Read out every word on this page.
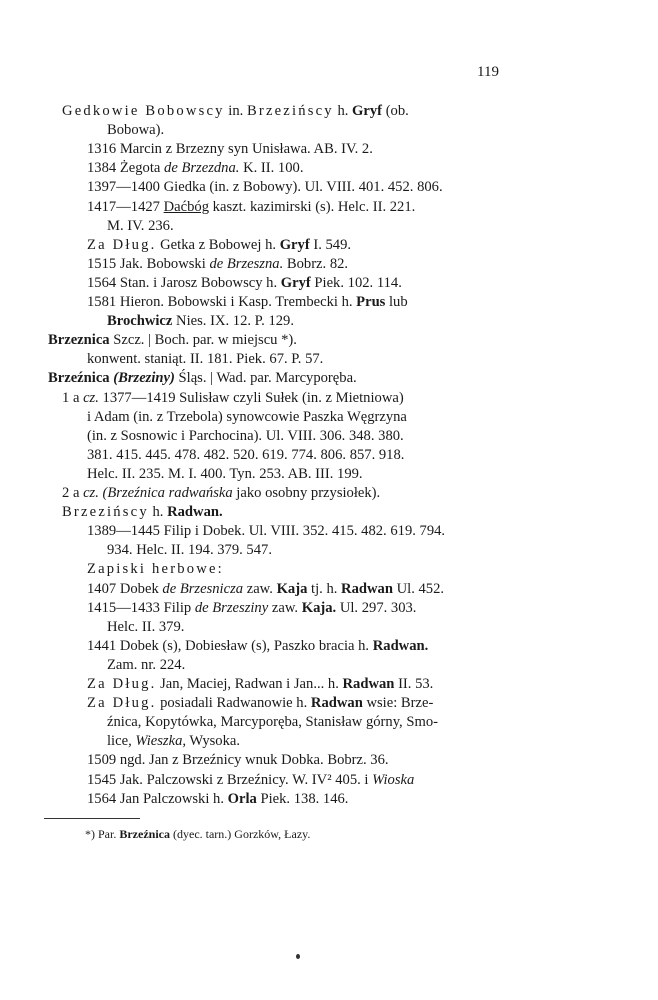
119
Gedkowie Bobowscy in. Brzezińscy h. Gryf (ob.
Bobowa).
1316 Marcin z Brzezny syn Unisława. AB. IV. 2.
1384 Żegota de Brzezdna. K. II. 100.
1397—1400 Giedka (in. z Bobowy). Ul. VIII. 401. 452. 806.
1417—1427 Daćbóg kaszt. kazimirski (s). Helc. II. 221.
M. IV. 236.
Za Dług. Getka z Bobowej h. Gryf I. 549.
1515 Jak. Bobowski de Brzeszna. Bobrz. 82.
1564 Stan. i Jarosz Bobowscy h. Gryf Piek. 102. 114.
1581 Hieron. Bobowski i Kasp. Trembecki h. Prus lub
Brochwicz Nies. IX. 12. P. 129.
Brzeznica Szcz. | Boch. par. w miejscu *).
konwent. staniąt. II. 181. Piek. 67. P. 57.
Brzeźnica (Brzeziny) Śląs. | Wad. par. Marcyporęba.
1 a cz. 1377—1419 Sulisław czyli Sułek (in. z Mietniowa)
i Adam (in. z Trzebola) synowcowie Paszka Węgrzyna
(in. z Sosnowic i Parchocina). Ul. VIII. 306. 348. 380.
381. 415. 445. 478. 482. 520. 619. 774. 806. 857. 918.
Helc. II. 235. M. I. 400. Tyn. 253. AB. III. 199.
2 a cz. (Brzeźnica radwańska jako osobny przysiołek).
Brzezińscy h. Radwan.
1389—1445 Filip i Dobek. Ul. VIII. 352. 415. 482. 619. 794.
934. Helc. II. 194. 379. 547.
Zapiski herbowe:
1407 Dobek de Brzesnicza zaw. Kaja tj. h. Radwan Ul. 452.
1415—1433 Filip de Brzesziny zaw. Kaja. Ul. 297. 303.
Helc. II. 379.
1441 Dobek (s), Dobiesław (s), Paszko bracia h. Radwan.
Zam. nr. 224.
Za Dług. Jan, Maciej, Radwan i Jan... h. Radwan II. 53.
Za Dług. posiadali Radwanowie h. Radwan wsie: Brze-
źnica, Kopytówka, Marcyporęba, Stanisław górny, Smo-
lice, Wieszka, Wysoka.
1509 ngd. Jan z Brzeźnicy wnuk Dobka. Bobrz. 36.
1545 Jak. Palczowski z Brzeźnicy. W. IV² 405. i Wioska
1564 Jan Palczowski h. Orla Piek. 138. 146.
*) Par. Brzeźnica (dyec. tarn.) Gorzków, Łazy.
